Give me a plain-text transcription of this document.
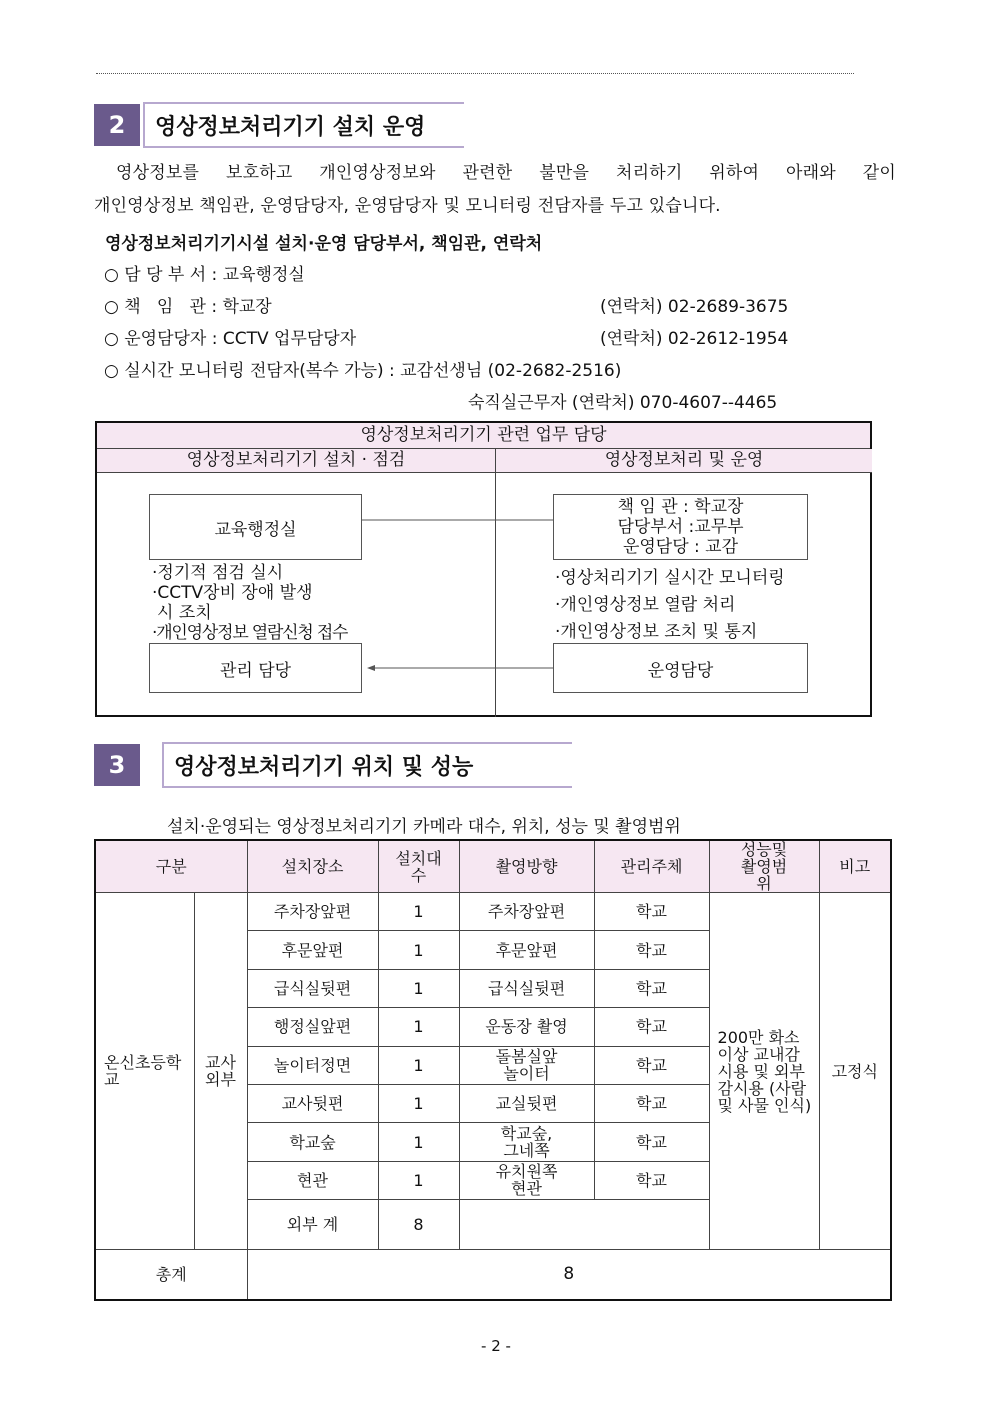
2	영상정보처리기기 설치 운영
영상정보를 보호하고 개인영상정보와 관련한 불만을 처리하기 위하여 아래와 같이
개인영상정보 책임관, 운영담당자, 운영담당자 및 모니터링 전담자를 두고 있습니다.
영상정보처리기기시설 설치·운영 담당부서, 책임관, 연락처
○ 담 당 부 서 : 교육행정실
○ 책   임   관 : 학교장	(연락처) 02-2689-3675
○ 운영담당자 : CCTV 업무담당자	(연락처) 02-2612-1954
○ 실시간 모니터링 전담자(복수 가능) : 교감선생님 (02-2682-2516)
숙직실근무자 (연락처) 070-4607--4465
영상정보처리기기 관련 업무 담당
영상정보처리기기 설치 · 점검	영상정보처리 및 운영
교육행정실
책 임 관 : 학교장
담당부서 :교무부
운영담당 : 교감
·정기적 점검 실시
·CCTV장비 장애 발생
시 조치
·개인영상정보 열람신청 접수
·영상처리기기 실시간 모니터링
·개인영상정보 열람 처리
·개인영상정보 조치 및 통지
관리 담당	운영담당
3	영상정보처리기기 위치 및 성능
설치·운영되는 영상정보처리기기 카메라 대수, 위치, 성능 및 촬영범위
구분		설치장소	설치대수	촬영방향	관리주체	성능및촬영범위	비고

온신초등학교	교사외부	주차장앞편	1	주차장앞편	학교	200만 화소 이상 교내감시용 및 외부감시용 (사람 및 사물 인식)	고정식
		후문앞편	1	후문앞편	학교		
		급식실뒷편	1	급식실뒷편	학교		
		행정실앞편	1	운동장 촬영	학교		
		놀이터정면	1	돌봄실앞 놀이터	학교		
		교사뒷편	1	교실뒷편	학교		
		학교숲	1	학교숲, 그네쪽	학교		
		현관	1	유치원쪽 현관	학교		
		외부 계	8				
총계		8					
- 2 -
